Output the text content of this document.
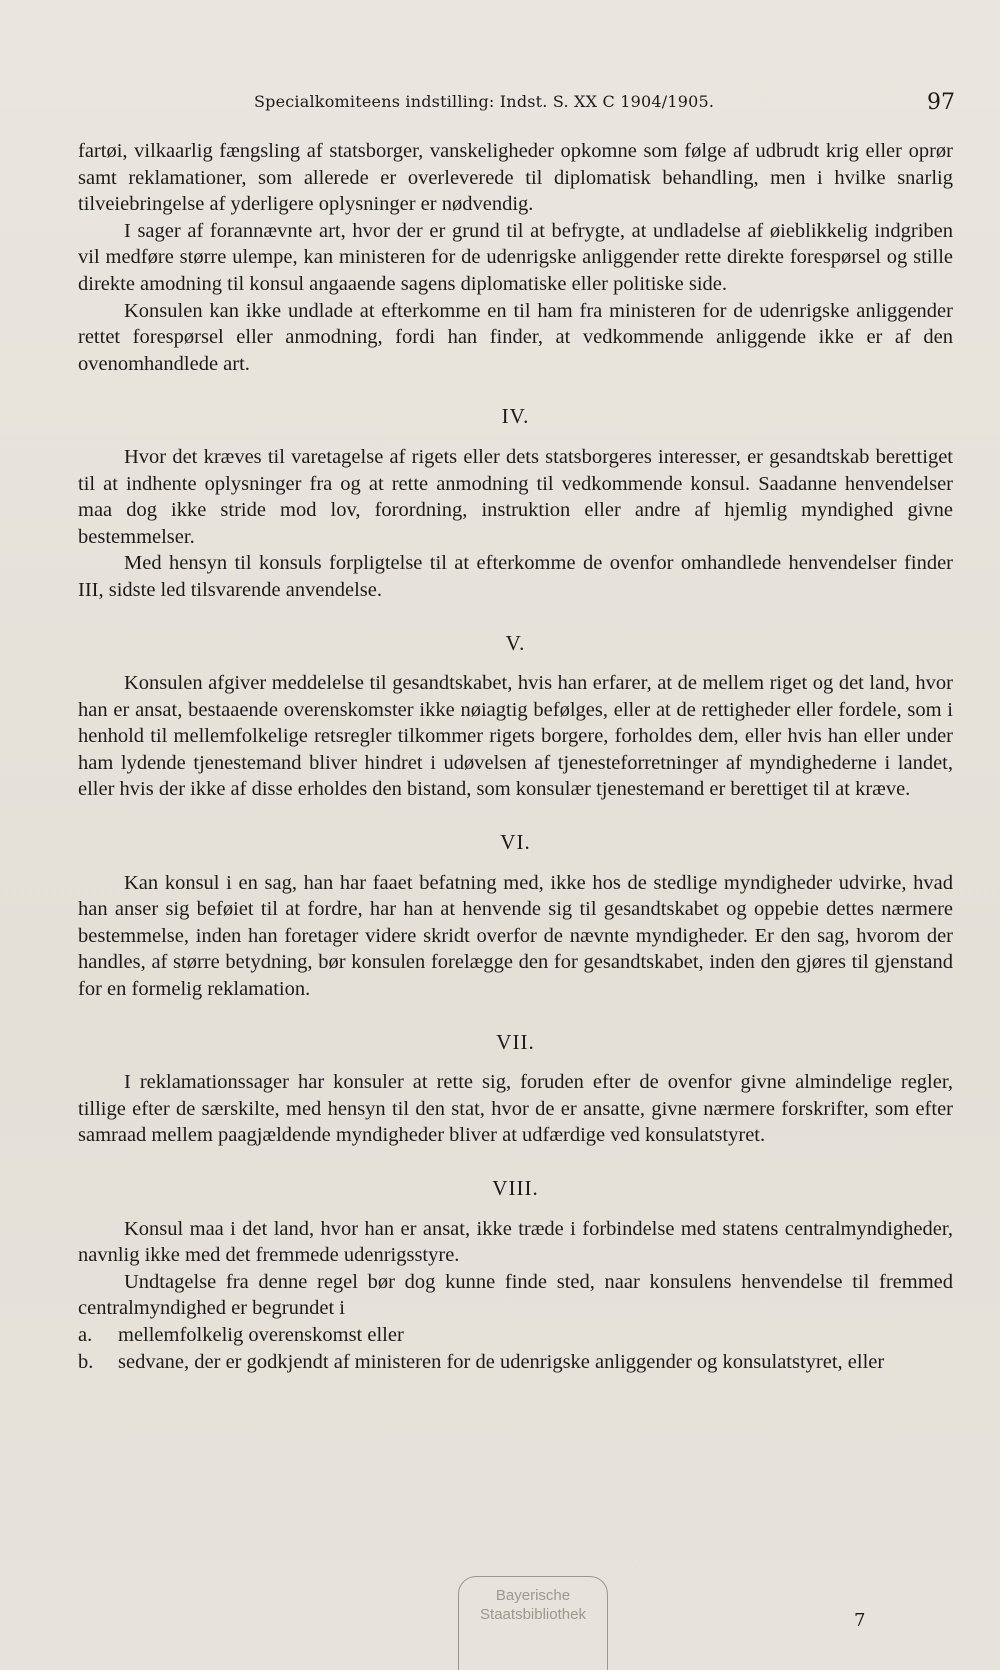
Specialkomiteens indstilling: Indst. S. XX C 1904/1905.	97

fartøi, vilkaarlig fængsling af statsborger, vanskeligheder opkomne som følge af udbrudt krig eller oprør samt reklamationer, som allerede er overleverede til diplomatisk behandling, men i hvilke snarlig tilveiebringelse af yderligere oplysninger er nødvendig.

I sager af forannævnte art, hvor der er grund til at befrygte, at undladelse af øieblikkelig indgriben vil medføre større ulempe, kan ministeren for de udenrigske anliggender rette direkte forespørsel og stille direkte amodning til konsul angaaende sagens diplomatiske eller politiske side.

Konsulen kan ikke undlade at efterkomme en til ham fra ministeren for de udenrigske anliggender rettet forespørsel eller anmodning, fordi han finder, at vedkommende anliggende ikke er af den ovenomhandlede art.

IV.

Hvor det kræves til varetagelse af rigets eller dets statsborgeres interesser, er gesandtskab berettiget til at indhente oplysninger fra og at rette anmodning til vedkommende konsul. Saadanne henvendelser maa dog ikke stride mod lov, forordning, instruktion eller andre af hjemlig myndighed givne bestemmelser.

Med hensyn til konsuls forpligtelse til at efterkomme de ovenfor omhandlede henvendelser finder III, sidste led tilsvarende anvendelse.

V.

Konsulen afgiver meddelelse til gesandtskabet, hvis han erfarer, at de mellem riget og det land, hvor han er ansat, bestaaende overenskomster ikke nøiagtig befølges, eller at de rettigheder eller fordele, som i henhold til mellemfolkelige retsregler tilkommer rigets borgere, forholdes dem, eller hvis han eller under ham lydende tjenestemand bliver hindret i udøvelsen af tjenesteforretninger af myndighederne i landet, eller hvis der ikke af disse erholdes den bistand, som konsulær tjenestemand er berettiget til at kræve.

VI.

Kan konsul i en sag, han har faaet befatning med, ikke hos de stedlige myndigheder udvirke, hvad han anser sig beføiet til at fordre, har han at henvende sig til gesandtskabet og oppebie dettes nærmere bestemmelse, inden han foretager videre skridt overfor de nævnte myndigheder. Er den sag, hvorom der handles, af større betydning, bør konsulen forelægge den for gesandtskabet, inden den gjøres til gjenstand for en formelig reklamation.

VII.

I reklamationssager har konsuler at rette sig, foruden efter de ovenfor givne almindelige regler, tillige efter de særskilte, med hensyn til den stat, hvor de er ansatte, givne nærmere forskrifter, som efter samraad mellem paagjældende myndigheder bliver at udfærdige ved konsulatstyret.

VIII.

Konsul maa i det land, hvor han er ansat, ikke træde i forbindelse med statens centralmyndigheder, navnlig ikke med det fremmede udenrigsstyre.

Undtagelse fra denne regel bør dog kunne finde sted, naar konsulens henvendelse til fremmed centralmyndighed er begrundet i

a. mellemfolkelig overenskomst eller
b. sedvane, der er godkjendt af ministeren for de udenrigske anliggender og konsulatstyret, eller
7
Bayerische
Staatsbibliothek
